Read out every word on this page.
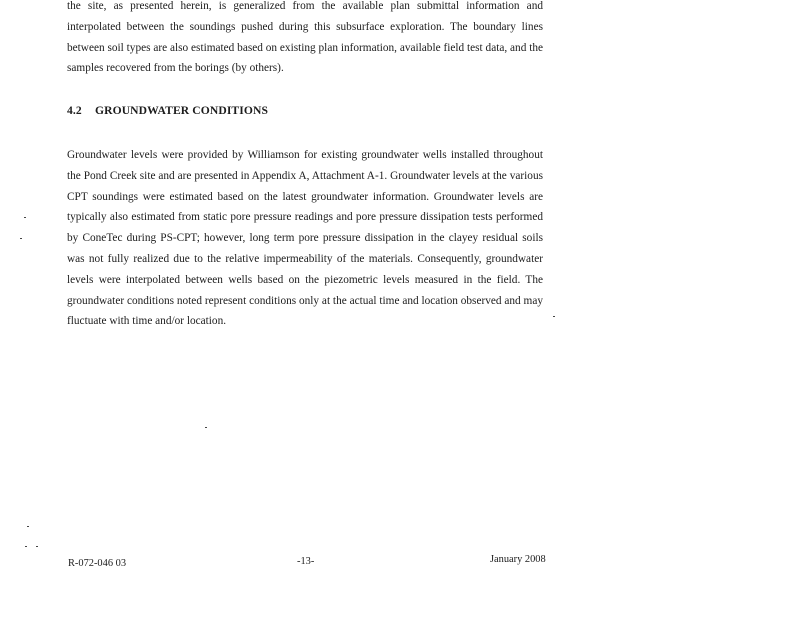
the site, as presented herein, is generalized from the available plan submittal information and interpolated between the soundings pushed during this subsurface exploration. The boundary lines between soil types are also estimated based on existing plan information, available field test data, and the samples recovered from the borings (by others).

4.2 GROUNDWATER CONDITIONS

Groundwater levels were provided by Williamson for existing groundwater wells installed throughout the Pond Creek site and are presented in Appendix A, Attachment A-1. Groundwater levels at the various CPT soundings were estimated based on the latest groundwater information. Groundwater levels are typically also estimated from static pore pressure readings and pore pressure dissipation tests performed by ConeTec during PS-CPT; however, long term pore pressure dissipation in the clayey residual soils was not fully realized due to the relative impermeability of the materials. Consequently, groundwater levels were interpolated between wells based on the piezometric levels measured in the field. The groundwater conditions noted represent conditions only at the actual time and location observed and may fluctuate with time and/or location.

R-072-046 03	-13-	January 2008
